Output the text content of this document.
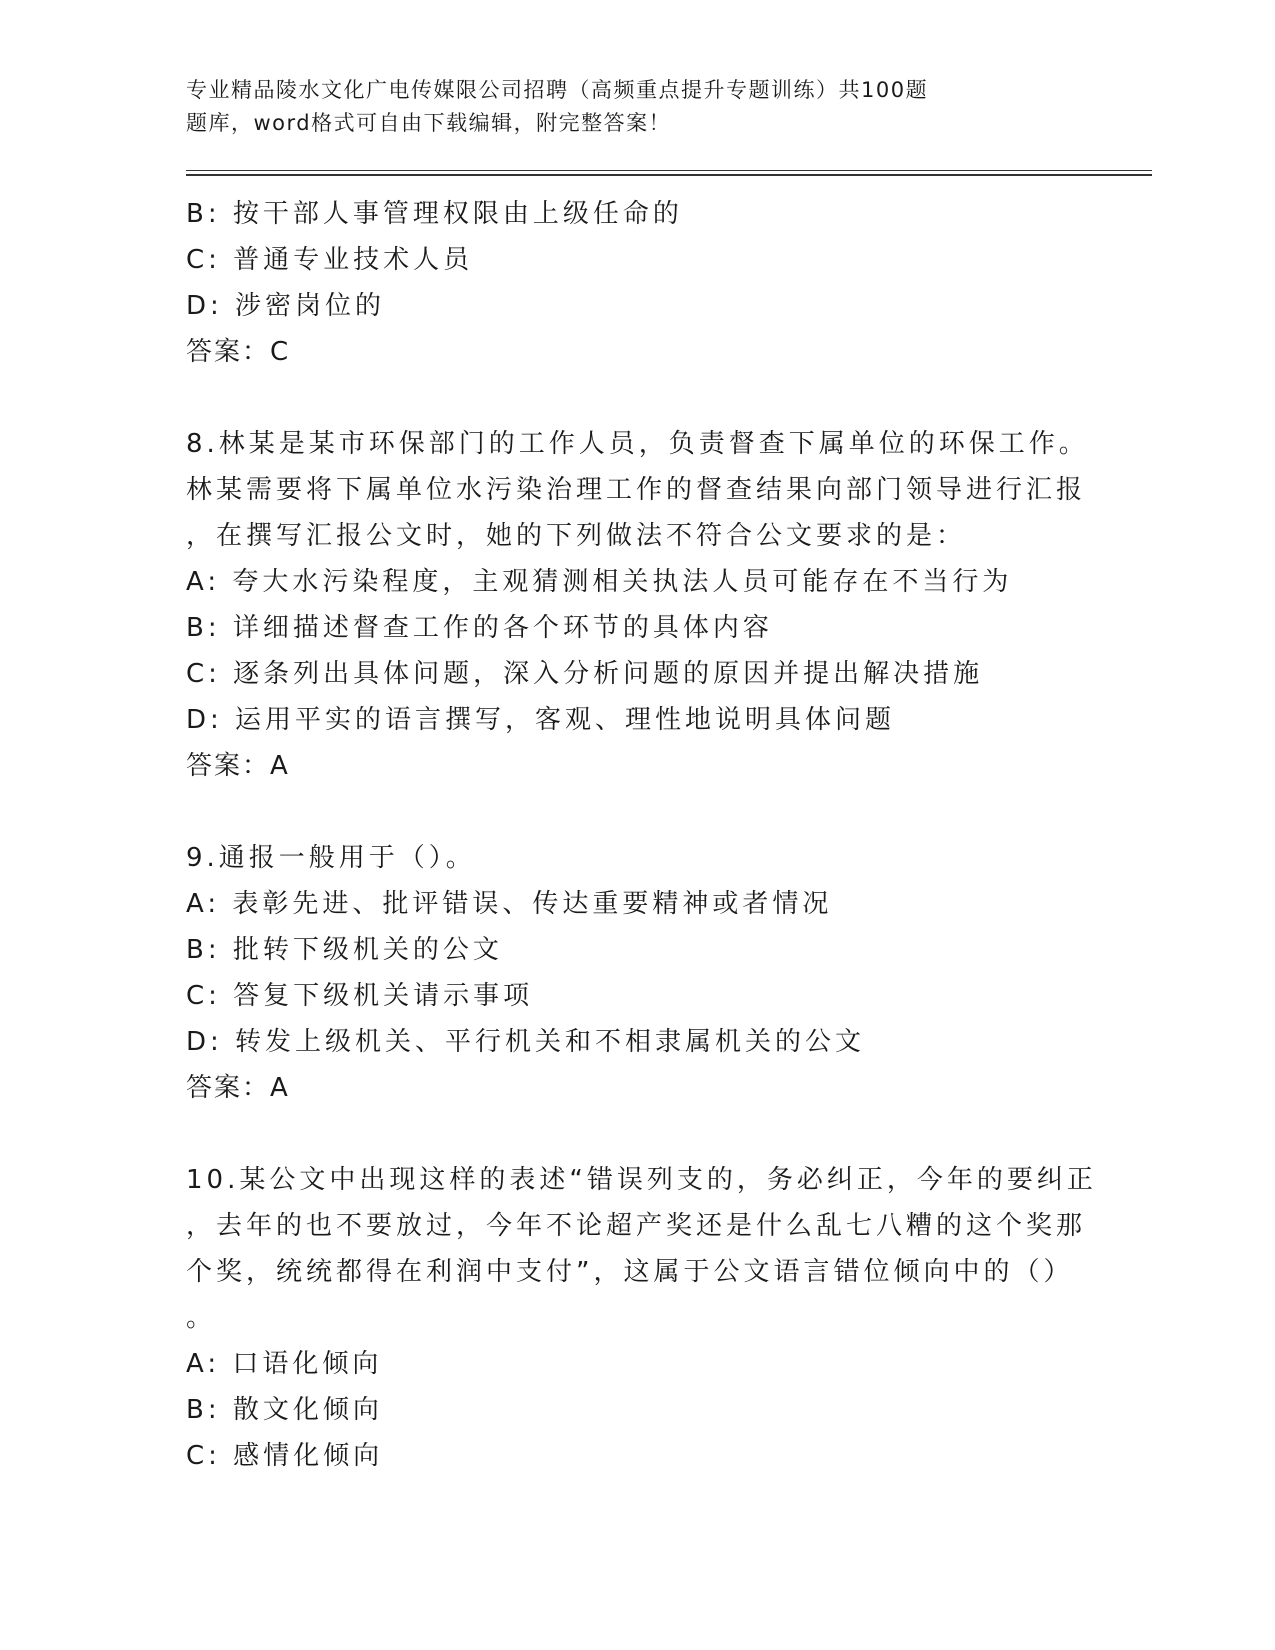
专业精品陵水文化广电传媒限公司招聘（高频重点提升专题训练）共100题
题库，word格式可自由下载编辑，附完整答案！
B: 按干部人事管理权限由上级任命的
C: 普通专业技术人员
D: 涉密岗位的
答案：C
8.林某是某市环保部门的工作人员，负责督查下属单位的环保工作。
林某需要将下属单位水污染治理工作的督查结果向部门领导进行汇报
，在撰写汇报公文时，她的下列做法不符合公文要求的是：
A: 夸大水污染程度，主观猜测相关执法人员可能存在不当行为
B: 详细描述督查工作的各个环节的具体内容
C: 逐条列出具体问题，深入分析问题的原因并提出解决措施
D: 运用平实的语言撰写，客观、理性地说明具体问题
答案：A
9.通报一般用于（）。
A: 表彰先进、批评错误、传达重要精神或者情况
B: 批转下级机关的公文
C: 答复下级机关请示事项
D: 转发上级机关、平行机关和不相隶属机关的公文
答案：A
10.某公文中出现这样的表述“错误列支的，务必纠正，今年的要纠正
，去年的也不要放过，今年不论超产奖还是什么乱七八糟的这个奖那
个奖，统统都得在利润中支付”，这属于公文语言错位倾向中的（）
。
A: 口语化倾向
B: 散文化倾向
C: 感情化倾向
